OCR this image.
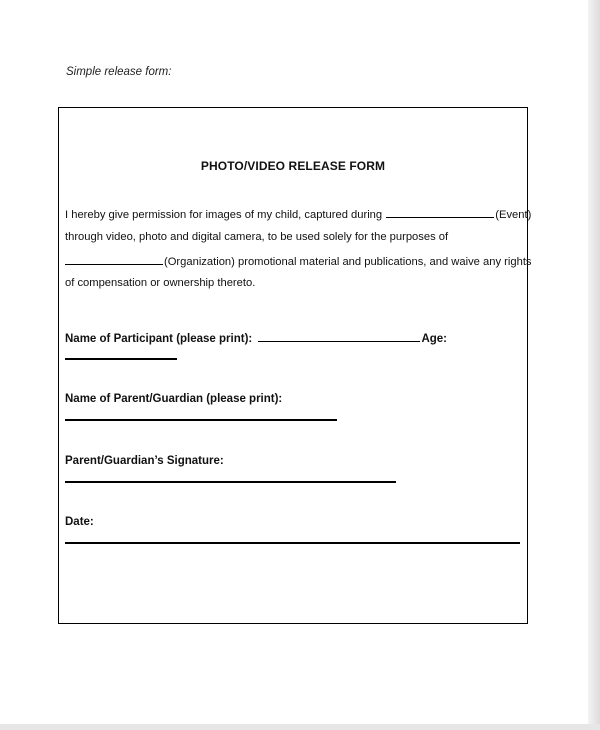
Simple release form:
PHOTO/VIDEO RELEASE FORM
I hereby give permission for images of my child, captured during	(Event)
through video, photo and digital camera, to be used solely for the purposes of
(Organization) promotional material and publications, and waive any rights
of compensation or ownership thereto.
Name of Participant (please print):	Age:
Name of Parent/Guardian (please print):
Parent/Guardian’s Signature:
Date:
